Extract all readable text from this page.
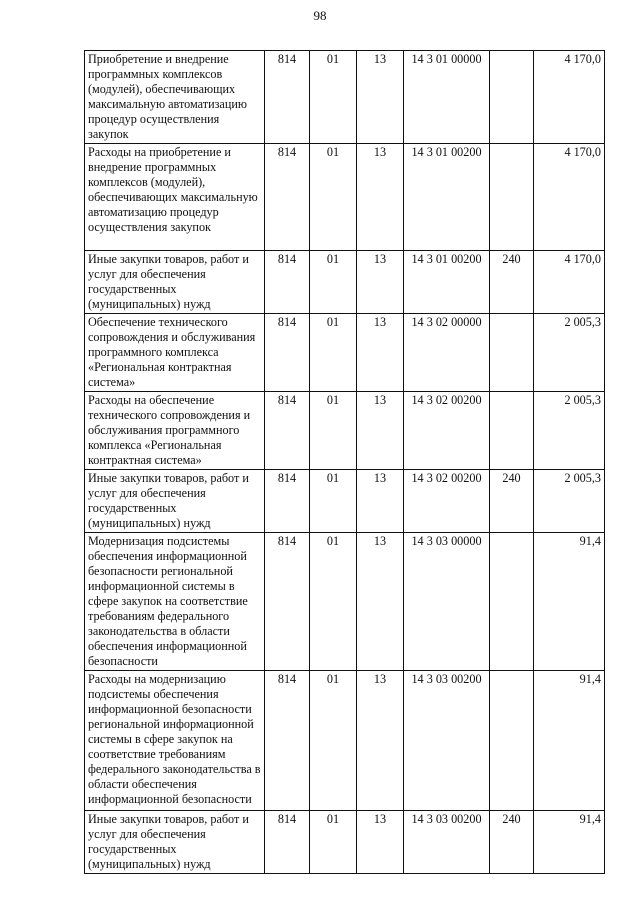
98
Приобретение и внедрение программных комплексов (модулей), обеспечивающих максимальную автоматизацию процедур осуществления закупок	814	01	13	14 3 01 00000		4 170,0
Расходы на приобретение и внедрение программных комплексов (модулей), обеспечивающих максимальную автоматизацию процедур осуществления закупок	814	01	13	14 3 01 00200		4 170,0
Иные закупки товаров, работ и услуг для обеспечения государственных (муниципальных) нужд	814	01	13	14 3 01 00200	240	4 170,0
Обеспечение технического сопровождения и обслуживания программного комплекса «Региональная контрактная система»	814	01	13	14 3 02 00000		2 005,3
Расходы на обеспечение технического сопровождения и обслуживания программного комплекса «Региональная контрактная система»	814	01	13	14 3 02 00200		2 005,3
Иные закупки товаров, работ и услуг для обеспечения государственных (муниципальных) нужд	814	01	13	14 3 02 00200	240	2 005,3
Модернизация подсистемы обеспечения информационной безопасности региональной информационной системы в сфере закупок на соответствие требованиям федерального законодательства в области обеспечения информационной безопасности	814	01	13	14 3 03 00000		91,4
Расходы на модернизацию подсистемы обеспечения информационной безопасности региональной информационной системы в сфере закупок на соответствие требованиям федерального законодательства в области обеспечения информационной безопасности	814	01	13	14 3 03 00200		91,4
Иные закупки товаров, работ и услуг для обеспечения государственных (муниципальных) нужд	814	01	13	14 3 03 00200	240	91,4
